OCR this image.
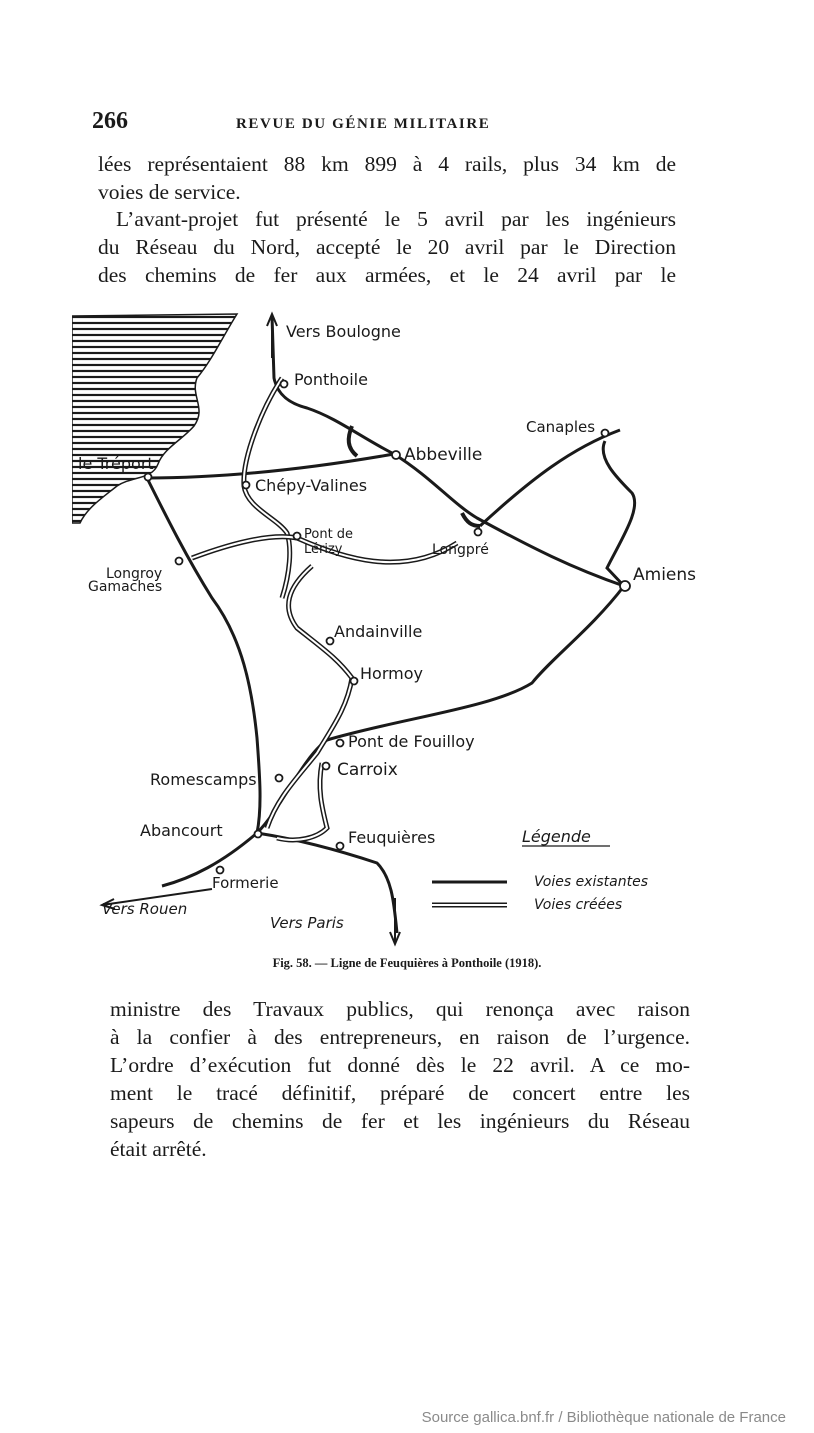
266	REVUE DU GÉNIE MILITAIRE

lées représentaient 88 km 899 à 4 rails, plus 34 km de
voies de service.

L’avant-projet fut présenté le 5 avril par les ingénieurs
du Réseau du Nord, accepté le 20 avril par le Direction
des chemins de fer aux armées, et le 24 avril par le

Vers Boulogne
Ponthoile
Canaples
Abbeville
le Tréport
Chépy-Valines
Pont de
Lérizy	Longpré
Longroy
Gamaches
Amiens
Andainville
Hormoy
Pont de Fouilloy
Carroix
Romescamps
Abancourt	Feuquières
Formerie
Vers Rouen
Vers Paris
Légende
Voies existantes
Voies créées
Fig. 58. — Ligne de Feuquières à Ponthoile (1918).

ministre des Travaux publics, qui renonça avec raison
à la confier à des entrepreneurs, en raison de l’urgence.
L’ordre d’exécution fut donné dès le 22 avril. A ce mo-
ment le tracé définitif, préparé de concert entre les
sapeurs de chemins de fer et les ingénieurs du Réseau
était arrêté.

Source gallica.bnf.fr / Bibliothèque nationale de France
